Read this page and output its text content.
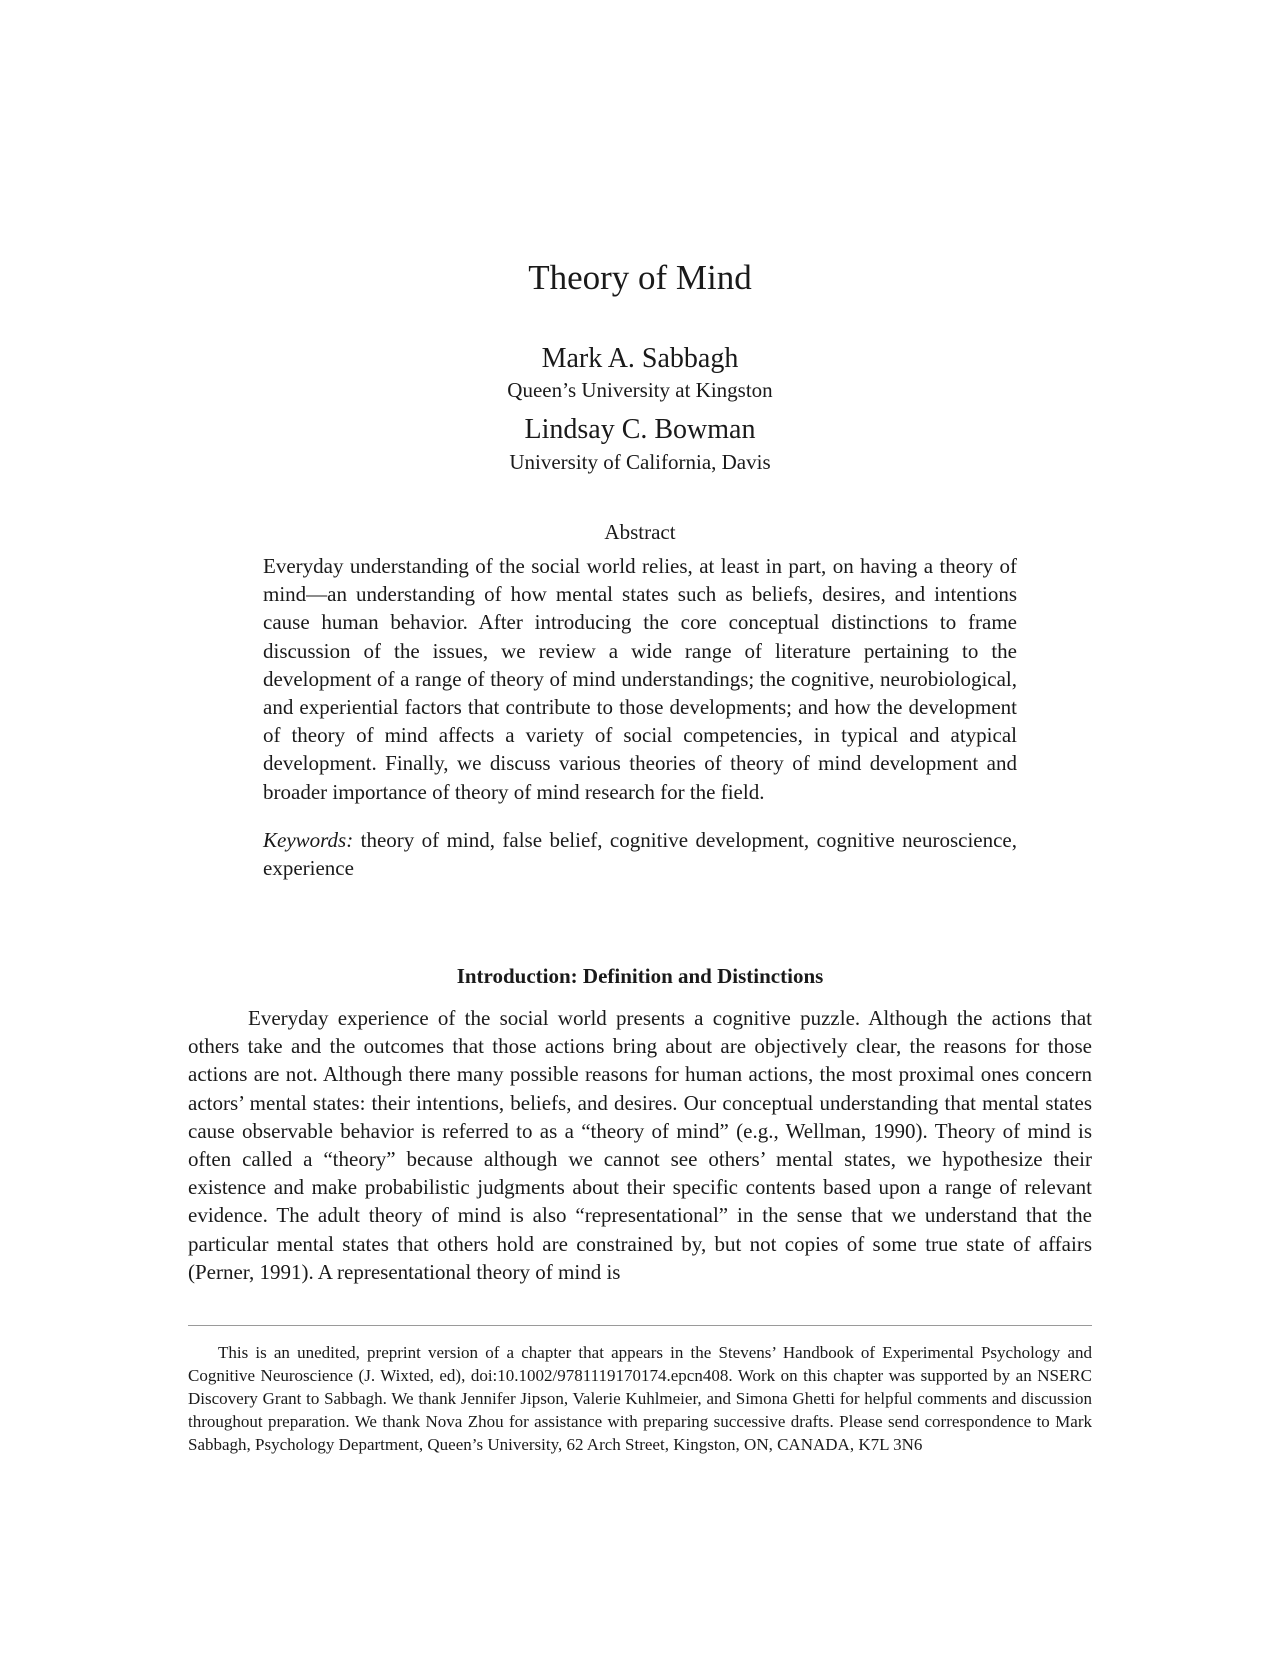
Theory of Mind
Mark A. Sabbagh
Queen’s University at Kingston
Lindsay C. Bowman
University of California, Davis
Abstract
Everyday understanding of the social world relies, at least in part, on having a theory of mind—an understanding of how mental states such as beliefs, desires, and intentions cause human behavior. After introducing the core conceptual distinctions to frame discussion of the issues, we review a wide range of literature pertaining to the development of a range of theory of mind understandings; the cognitive, neurobiological, and experiential factors that contribute to those developments; and how the development of theory of mind affects a variety of social competencies, in typical and atypical development. Finally, we discuss various theories of theory of mind development and broader importance of theory of mind research for the field.
Keywords: theory of mind, false belief, cognitive development, cognitive neuroscience, experience
Introduction: Definition and Distinctions
Everyday experience of the social world presents a cognitive puzzle. Although the actions that others take and the outcomes that those actions bring about are objectively clear, the reasons for those actions are not. Although there many possible reasons for human actions, the most proximal ones concern actors’ mental states: their intentions, beliefs, and desires. Our conceptual understanding that mental states cause observable behavior is referred to as a “theory of mind” (e.g., Wellman, 1990). Theory of mind is often called a “theory” because although we cannot see others’ mental states, we hypothesize their existence and make probabilistic judgments about their specific contents based upon a range of relevant evidence. The adult theory of mind is also “representational” in the sense that we understand that the particular mental states that others hold are constrained by, but not copies of some true state of affairs (Perner, 1991). A representational theory of mind is
This is an unedited, preprint version of a chapter that appears in the Stevens’ Handbook of Experimental Psychology and Cognitive Neuroscience (J. Wixted, ed), doi:10.1002/9781119170174.epcn408. Work on this chapter was supported by an NSERC Discovery Grant to Sabbagh. We thank Jennifer Jipson, Valerie Kuhlmeier, and Simona Ghetti for helpful comments and discussion throughout preparation. We thank Nova Zhou for assistance with preparing successive drafts. Please send correspondence to Mark Sabbagh, Psychology Department, Queen’s University, 62 Arch Street, Kingston, ON, CANADA, K7L 3N6
